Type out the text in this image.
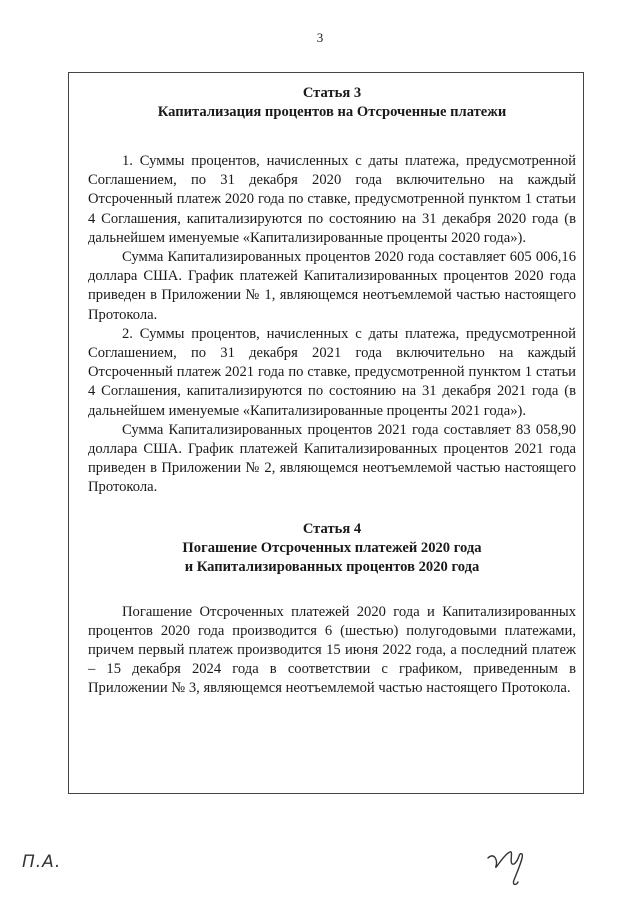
3
Статья 3
Капитализация процентов на Отсроченные платежи

1. Суммы процентов, начисленных с даты платежа, предусмотренной Соглашением, по 31 декабря 2020 года включительно на каждый Отсроченный платеж 2020 года по ставке, предусмотренной пунктом 1 статьи 4 Соглашения, капитализируются по состоянию на 31 декабря 2020 года (в дальнейшем именуемые «Капитализированные проценты 2020 года»).

Сумма Капитализированных процентов 2020 года составляет 605 006,16 доллара США. График платежей Капитализированных процентов 2020 года приведен в Приложении № 1, являющемся неотъемлемой частью настоящего Протокола.

2. Суммы процентов, начисленных с даты платежа, предусмотренной Соглашением, по 31 декабря 2021 года включительно на каждый Отсроченный платеж 2021 года по ставке, предусмотренной пунктом 1 статьи 4 Соглашения, капитализируются по состоянию на 31 декабря 2021 года (в дальнейшем именуемые «Капитализированные проценты 2021 года»).

Сумма Капитализированных процентов 2021 года составляет 83 058,90 доллара США. График платежей Капитализированных процентов 2021 года приведен в Приложении № 2, являющемся неотъемлемой частью настоящего Протокола.

Статья 4
Погашение Отсроченных платежей 2020 года
и Капитализированных процентов 2020 года

Погашение Отсроченных платежей 2020 года и Капитализированных процентов 2020 года производится 6 (шестью) полугодовыми платежами, причем первый платеж производится 15 июня 2022 года, а последний платеж – 15 декабря 2024 года в соответствии с графиком, приведенным в Приложении № 3, являющемся неотъемлемой частью настоящего Протокола.

П.А.
